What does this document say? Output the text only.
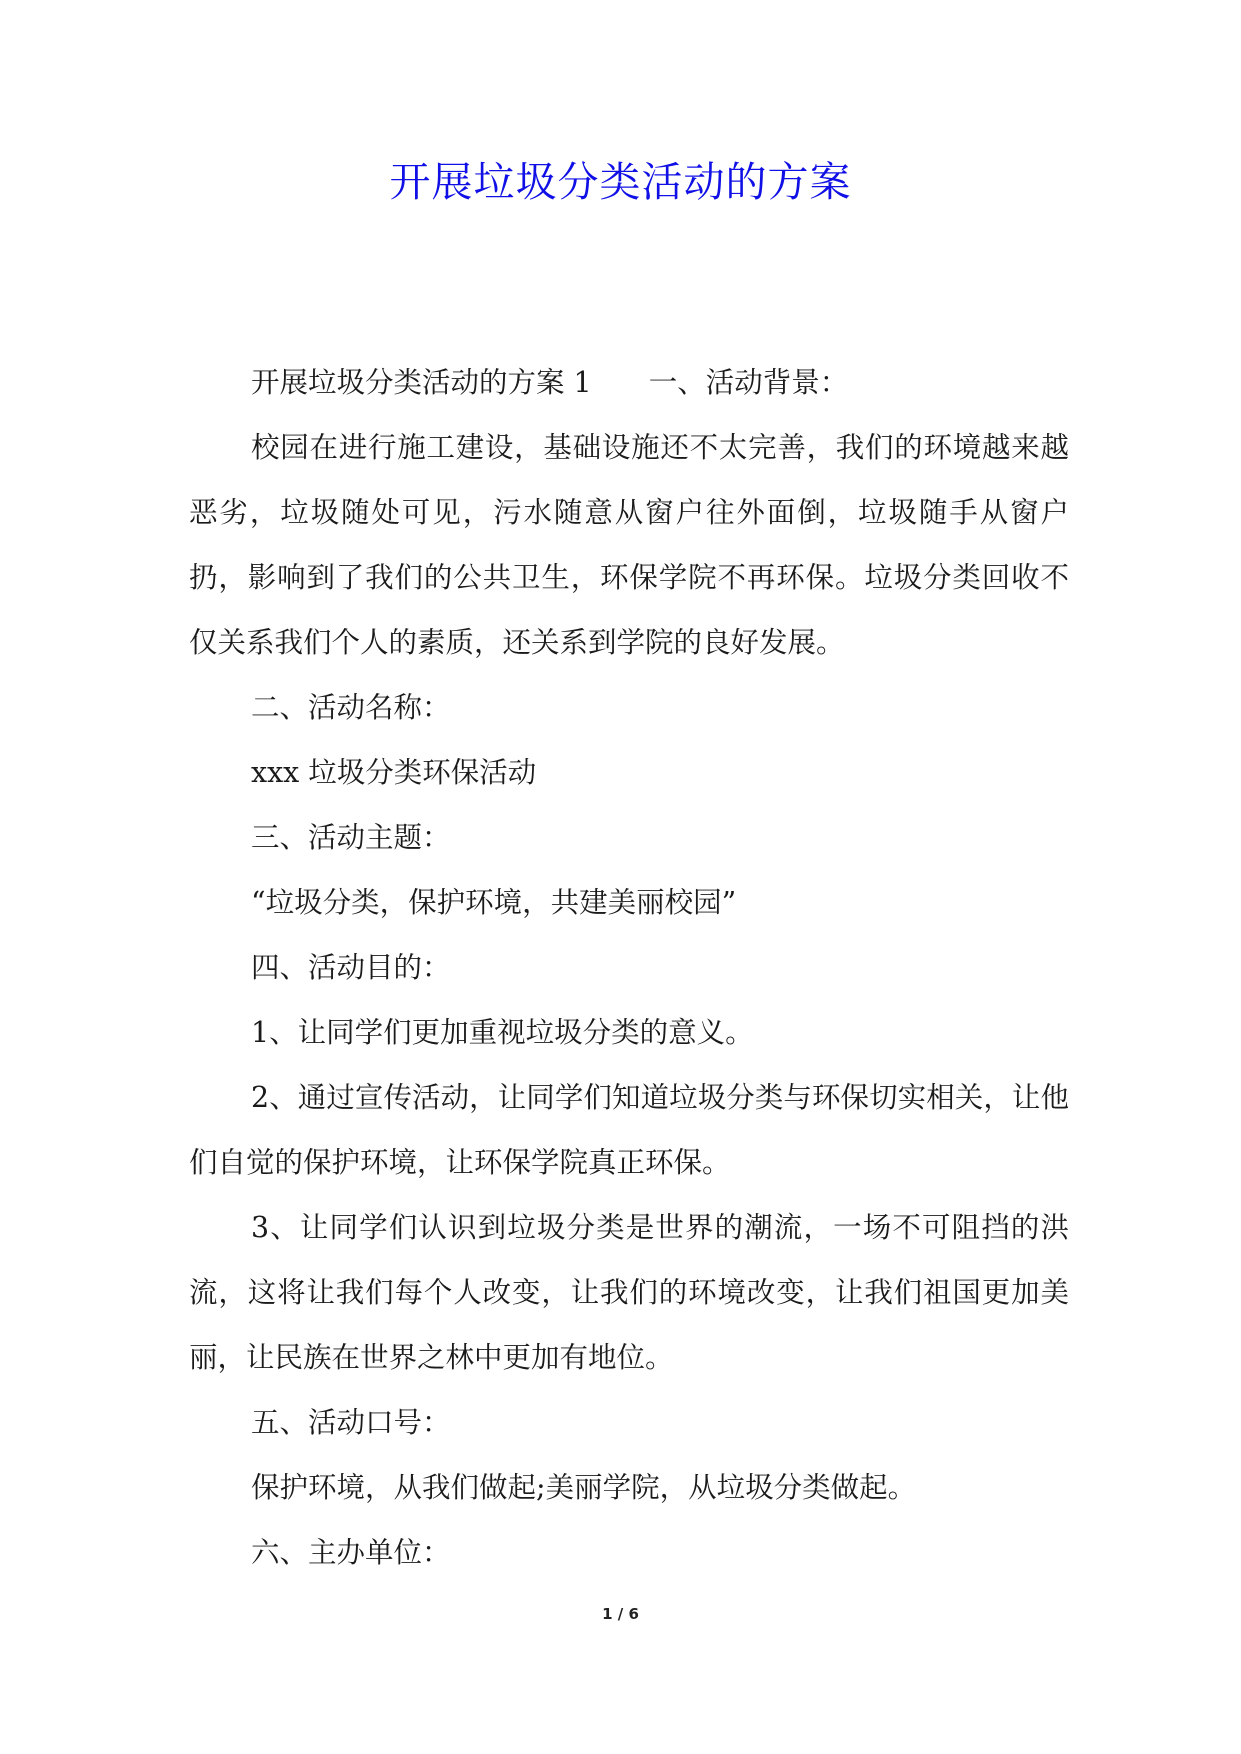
开展垃圾分类活动的方案

开展垃圾分类活动的方案 1　　一、活动背景：

校园在进行施工建设，基础设施还不太完善，我们的环境越来越恶劣，垃圾随处可见，污水随意从窗户往外面倒，垃圾随手从窗户扔，影响到了我们的公共卫生，环保学院不再环保。垃圾分类回收不仅关系我们个人的素质，还关系到学院的良好发展。

二、活动名称：

xxx 垃圾分类环保活动

三、活动主题：

“垃圾分类，保护环境，共建美丽校园”

四、活动目的：

1、让同学们更加重视垃圾分类的意义。

2、通过宣传活动，让同学们知道垃圾分类与环保切实相关，让他们自觉的保护环境，让环保学院真正环保。

3、让同学们认识到垃圾分类是世界的潮流，一场不可阻挡的洪流，这将让我们每个人改变，让我们的环境改变，让我们祖国更加美丽，让民族在世界之林中更加有地位。

五、活动口号：

保护环境，从我们做起;美丽学院，从垃圾分类做起。

六、主办单位：

1 / 6
